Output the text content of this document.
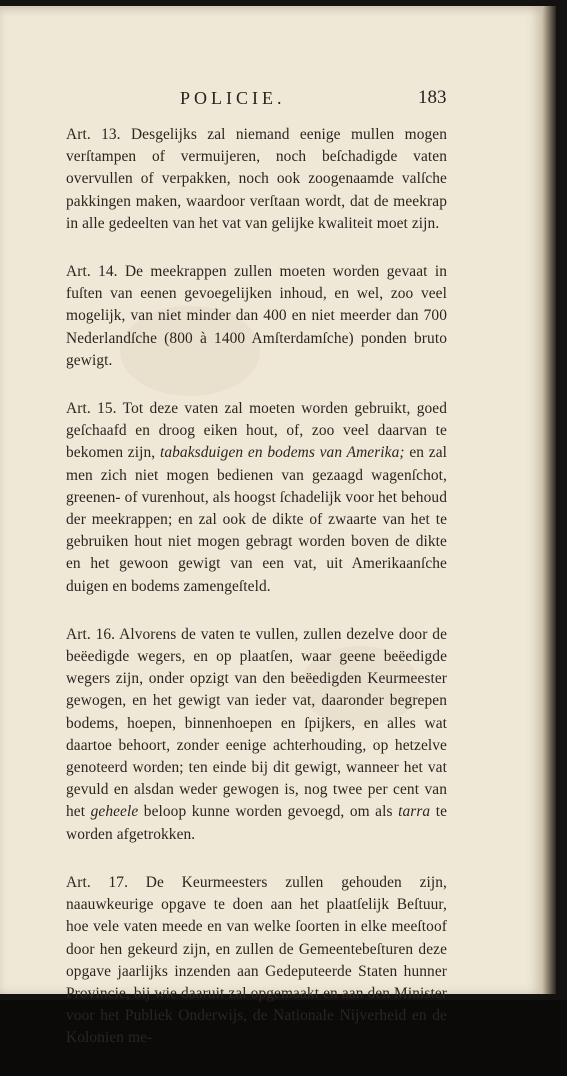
POLICIE.	183

Art. 13. Desgelijks zal niemand eenige mullen mogen verſtampen of vermuijeren, noch beſchadigde vaten overvullen of verpakken, noch ook zoogenaamde valſche pakkingen maken, waardoor verſtaan wordt, dat de meekrap in alle gedeelten van het vat van gelijke kwaliteit moet zijn.

Art. 14. De meekrappen zullen moeten worden gevaat in fuſten van eenen gevoegelijken inhoud, en wel, zoo veel mogelijk, van niet minder dan 400 en niet meerder dan 700 Nederlandſche (800 à 1400 Amſterdamſche) ponden bruto gewigt.

Art. 15. Tot deze vaten zal moeten worden gebruikt, goed geſchaafd en droog eiken hout, of, zoo veel daarvan te bekomen zijn, tabaksduigen en bodems van Amerika; en zal men zich niet mogen bedienen van gezaagd wagenſchot, greenen- of vurenhout, als hoogst ſchadelijk voor het behoud der meekrappen; en zal ook de dikte of zwaarte van het te gebruiken hout niet mogen gebragt worden boven de dikte en het gewoon gewigt van een vat, uit Amerikaanſche duigen en bodems zamengeſteld.

Art. 16. Alvorens de vaten te vullen, zullen dezelve door de beëedigde wegers, en op plaatſen, waar geene beëedigde wegers zijn, onder opzigt van den beëedigden Keurmeester gewogen, en het gewigt van ieder vat, daaronder begrepen bodems, hoepen, binnenhoepen en ſpijkers, en alles wat daartoe behoort, zonder eenige achterhouding, op hetzelve genoteerd worden; ten einde bij dit gewigt, wanneer het vat gevuld en alsdan weder gewogen is, nog twee per cent van het geheele beloop kunne worden gevoegd, om als tarra te worden afgetrokken.

Art. 17. De Keurmeesters zullen gehouden zijn, naauwkeurige opgave te doen aan het plaatſelijk Beſtuur, hoe vele vaten meede en van welke ſoorten in elke meeſtoof door hen gekeurd zijn, en zullen de Gemeentebeſturen deze opgave jaarlijks inzenden aan Gedeputeerde Staten hunner Provincie, bij wie daaruit zal opgemaakt en aan den Minister voor het Publiek Onderwijs, de Nationale Nijverheid en de Kolonien me-
